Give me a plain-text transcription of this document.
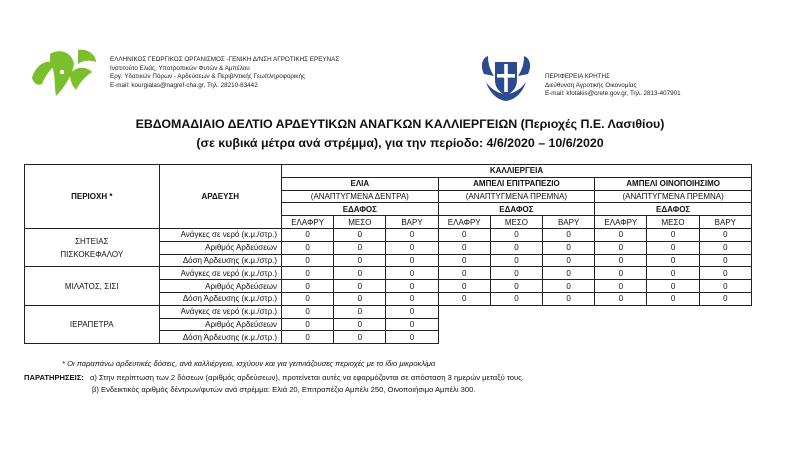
ΕΛΛΗΝΙΚΟΣ ΓΕΩΡΓΙΚΟΣ ΟΡΓΑΝΙΣΜΟΣ -ΓΕΝΙΚΗ Δ/ΝΣΗ ΑΓΡΟΤΙΚΗΣ ΕΡΕΥΝΑΣ
Ινστιτούτο Ελιάς, Υποτροπικών Φυτών & Αμπέλου
Εργ. Υδατικών Πόρων - Αρδεύσεων & Περιβ/ντικής Γεωπληροφορικής
E-mail: kourgialas@nagref-cha.gr, Τηλ. 28210-83442
ΠΕΡΙΦΕΡΕΙΑ ΚΡΗΤΗΣ
Διεύθυνση Αγροτικής Οικονομίας
E-mail: kfotakis@crete.gov.gr, Τηλ. 2813-407901
ΕΒΔΟΜΑΔΙΑΙΟ ΔΕΛΤΙΟ ΑΡΔΕΥΤΙΚΩΝ ΑΝΑΓΚΩΝ ΚΑΛΛΙΕΡΓΕΙΩΝ (Περιοχές Π.Ε. Λασιθίου)
(σε κυβικά μέτρα ανά στρέμμα), για την περίοδο: 4/6/2020 – 10/6/2020
ΠΕΡΙΟΧΗ *	ΑΡΔΕΥΣΗ	ΚΑΛΛΙΕΡΓΕΙΑ								
		ΕΛΙΑ			ΑΜΠΕΛΙ ΕΠΙΤΡΑΠΕΖΙΟ			ΑΜΠΕΛΙ ΟΙΝΟΠΟΙΗΣΙΜΟ		
		(ΑΝΑΠΤΥΓΜΕΝΑ ΔΕΝΤΡΑ)			(ΑΝΑΠΤΥΓΜΕΝΑ ΠΡΕΜΝΑ)			(ΑΝΑΠΤΥΓΜΕΝΑ ΠΡΕΜΝΑ)		
		ΕΔΑΦΟΣ			ΕΔΑΦΟΣ			ΕΔΑΦΟΣ		
		ΕΛΑΦΡΥ	ΜΕΣΟ	ΒΑΡΥ	ΕΛΑΦΡΥ	ΜΕΣΟ	ΒΑΡΥ	ΕΛΑΦΡΥ	ΜΕΣΟ	ΒΑΡΥ
ΣΗΤΕΙΑΣ ΠΙΣΚΟΚΕΦΑΛΟΥ	Ανάγκες σε νερό (κ.μ./στρ.)	0	0	0	0	0	0	0	0	0
	Αριθμός Αρδεύσεων	0	0	0	0	0	0	0	0	0
	Δόση Άρδευσης (κ.μ./στρ.)	0	0	0	0	0	0	0	0	0
ΜΙΛΑΤΟΣ, ΣΙΣΙ	Ανάγκες σε νερό (κ.μ./στρ.)	0	0	0	0	0	0	0	0	0
	Αριθμός Αρδεύσεων	0	0	0	0	0	0	0	0	0
	Δόση Άρδευσης (κ.μ./στρ.)	0	0	0	0	0	0	0	0	0
ΙΕΡΑΠΕΤΡΑ	Ανάγκες σε νερό (κ.μ./στρ.)	0	0	0						
	Αριθμός Αρδεύσεων	0	0	0						
	Δόση Άρδευσης (κ.μ./στρ.)	0	0	0						
* Οι παραπάνω αρδευτικές δόσεις, ανά καλλιέργεια, ισχύουν και για γειτνιάζουσες περιοχές με το ίδιο μικροκλίμα
ΠΑΡΑΤΗΡΗΣΕΙΣ: α) Στην περίπτωση των 2 δόσεων (αριθμός αρδεύσεων), προτείνεται αυτές να εφαρμόζονται σε απόσταση 3 ημερών μεταξύ τους.
β) Ενδεικτικός αριθμός δέντρων/φυτών ανά στρέμμα: Ελιά 20, Επιτραπέζιο Αμπέλι 250, Οινοποιήσιμο Αμπέλι 300.
